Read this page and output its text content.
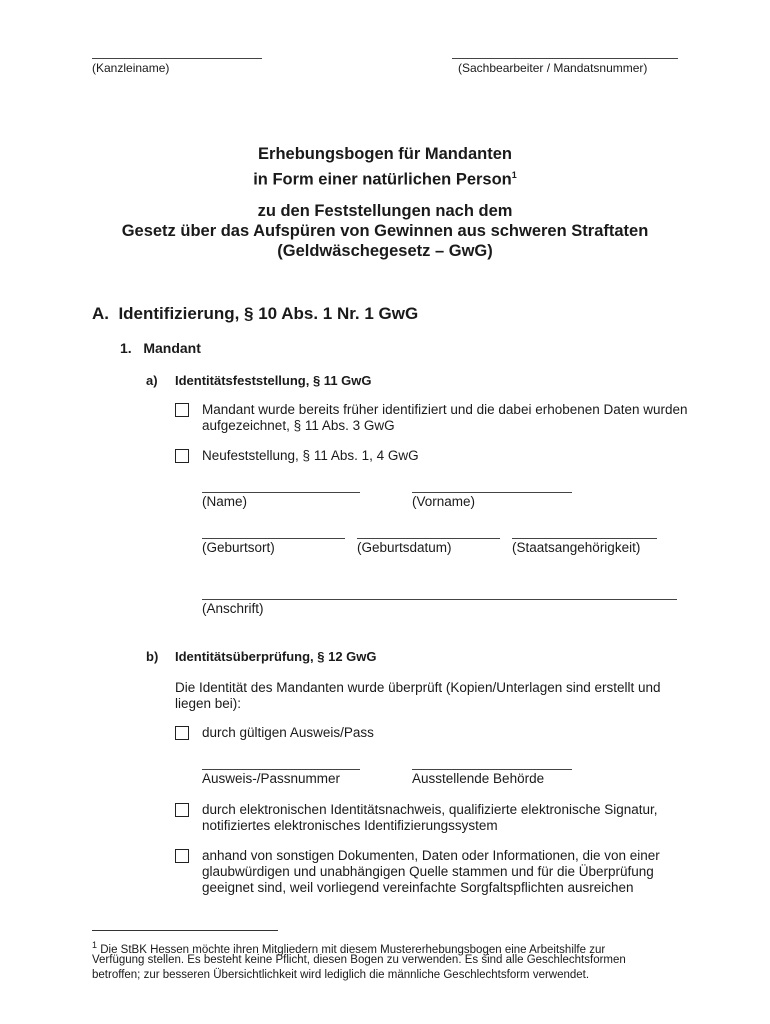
(Kanzleiname)	(Sachbearbeiter / Mandatsnummer)
Erhebungsbogen für Mandanten
in Form einer natürlichen Person$^1$
zu den Feststellungen nach dem
Gesetz über das Aufspüren von Gewinnen aus schweren Straftaten
(Geldwäschegesetz – GwG)
A.  Identifizierung, § 10 Abs. 1 Nr. 1 GwG
1.   Mandant
a) Identitätsfeststellung, § 11 GwG
Mandant wurde bereits früher identifiziert und die dabei erhobenen Daten wurden
aufgezeichnet, § 11 Abs. 3 GwG
Neufeststellung, § 11 Abs. 1, 4 GwG
(Name)	(Vorname)
(Geburtsort)	(Geburtsdatum)	(Staatsangehörigkeit)
(Anschrift)
b) Identitätsüberprüfung, § 12 GwG
Die Identität des Mandanten wurde überprüft (Kopien/Unterlagen sind erstellt und
liegen bei):
durch gültigen Ausweis/Pass
Ausweis-/Passnummer	Ausstellende Behörde
durch elektronischen Identitätsnachweis, qualifizierte elektronische Signatur,
notifiziertes elektronisches Identifizierungssystem
anhand von sonstigen Dokumenten, Daten oder Informationen, die von einer
glaubwürdigen und unabhängigen Quelle stammen und für die Überprüfung
geeignet sind, weil vorliegend vereinfachte Sorgfaltspflichten ausreichen
$^1$ Die StBK Hessen möchte ihren Mitgliedern mit diesem Mustererhebungsbogen eine Arbeitshilfe zur
Verfügung stellen. Es besteht keine Pflicht, diesen Bogen zu verwenden. Es sind alle Geschlechtsformen
betroffen; zur besseren Übersichtlichkeit wird lediglich die männliche Geschlechtsform verwendet.
